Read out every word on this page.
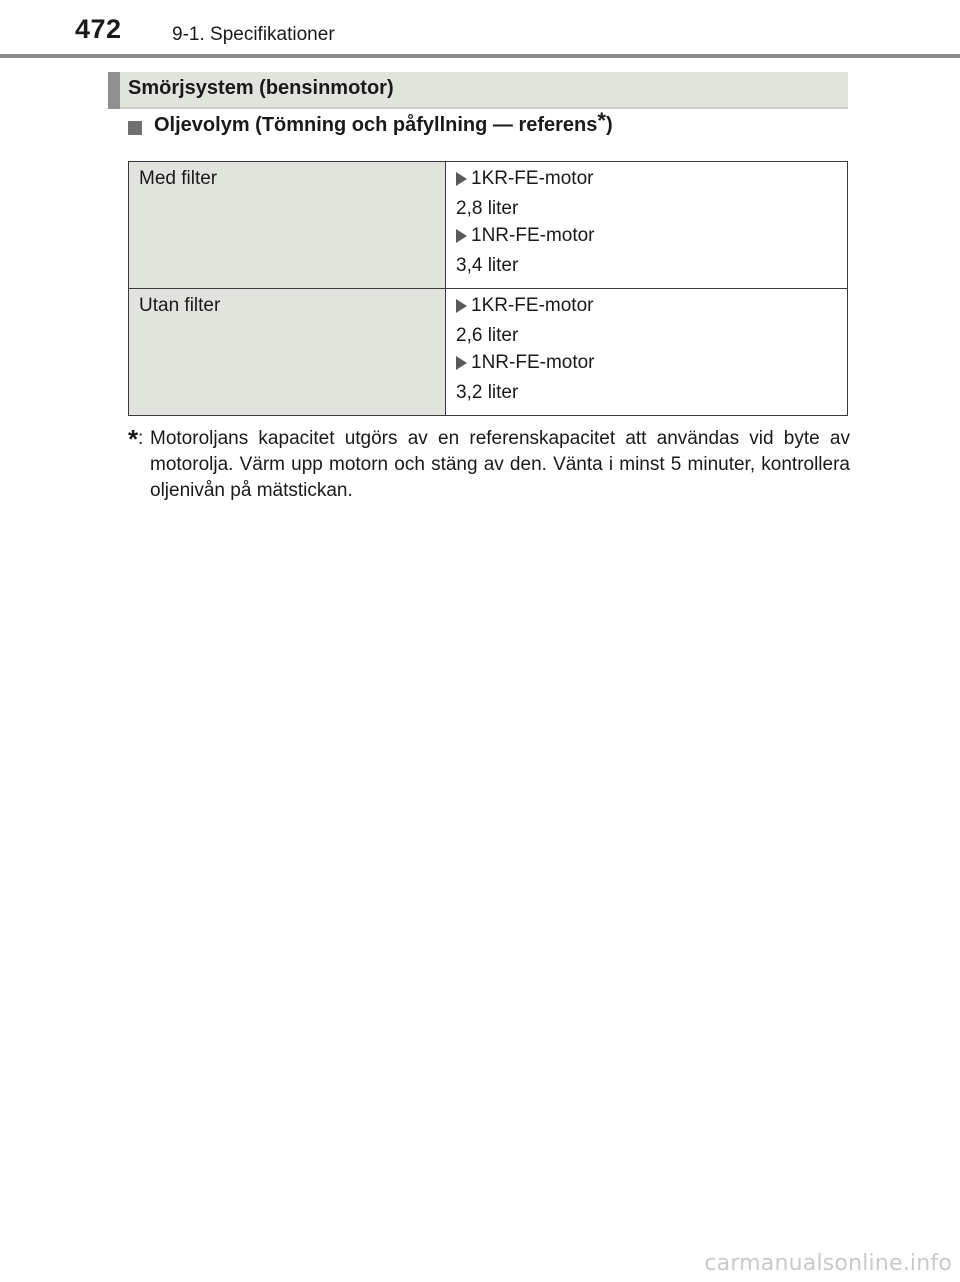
472	9-1. Specifikationer
Smörjsystem (bensinmotor)
Oljevolym (Tömning och påfyllning — referens*)
Med filter	1KR-FE-motor
2,8 liter
1NR-FE-motor
3,4 liter

Utan filter	1KR-FE-motor
2,6 liter
1NR-FE-motor
3,2 liter
* : Motoroljans kapacitet utgörs av en referenskapacitet att användas vid byte av motorolja. Värm upp motorn och stäng av den. Vänta i minst 5 minuter, kontrollera oljenivån på mätstickan.
carmanualsonline.info
